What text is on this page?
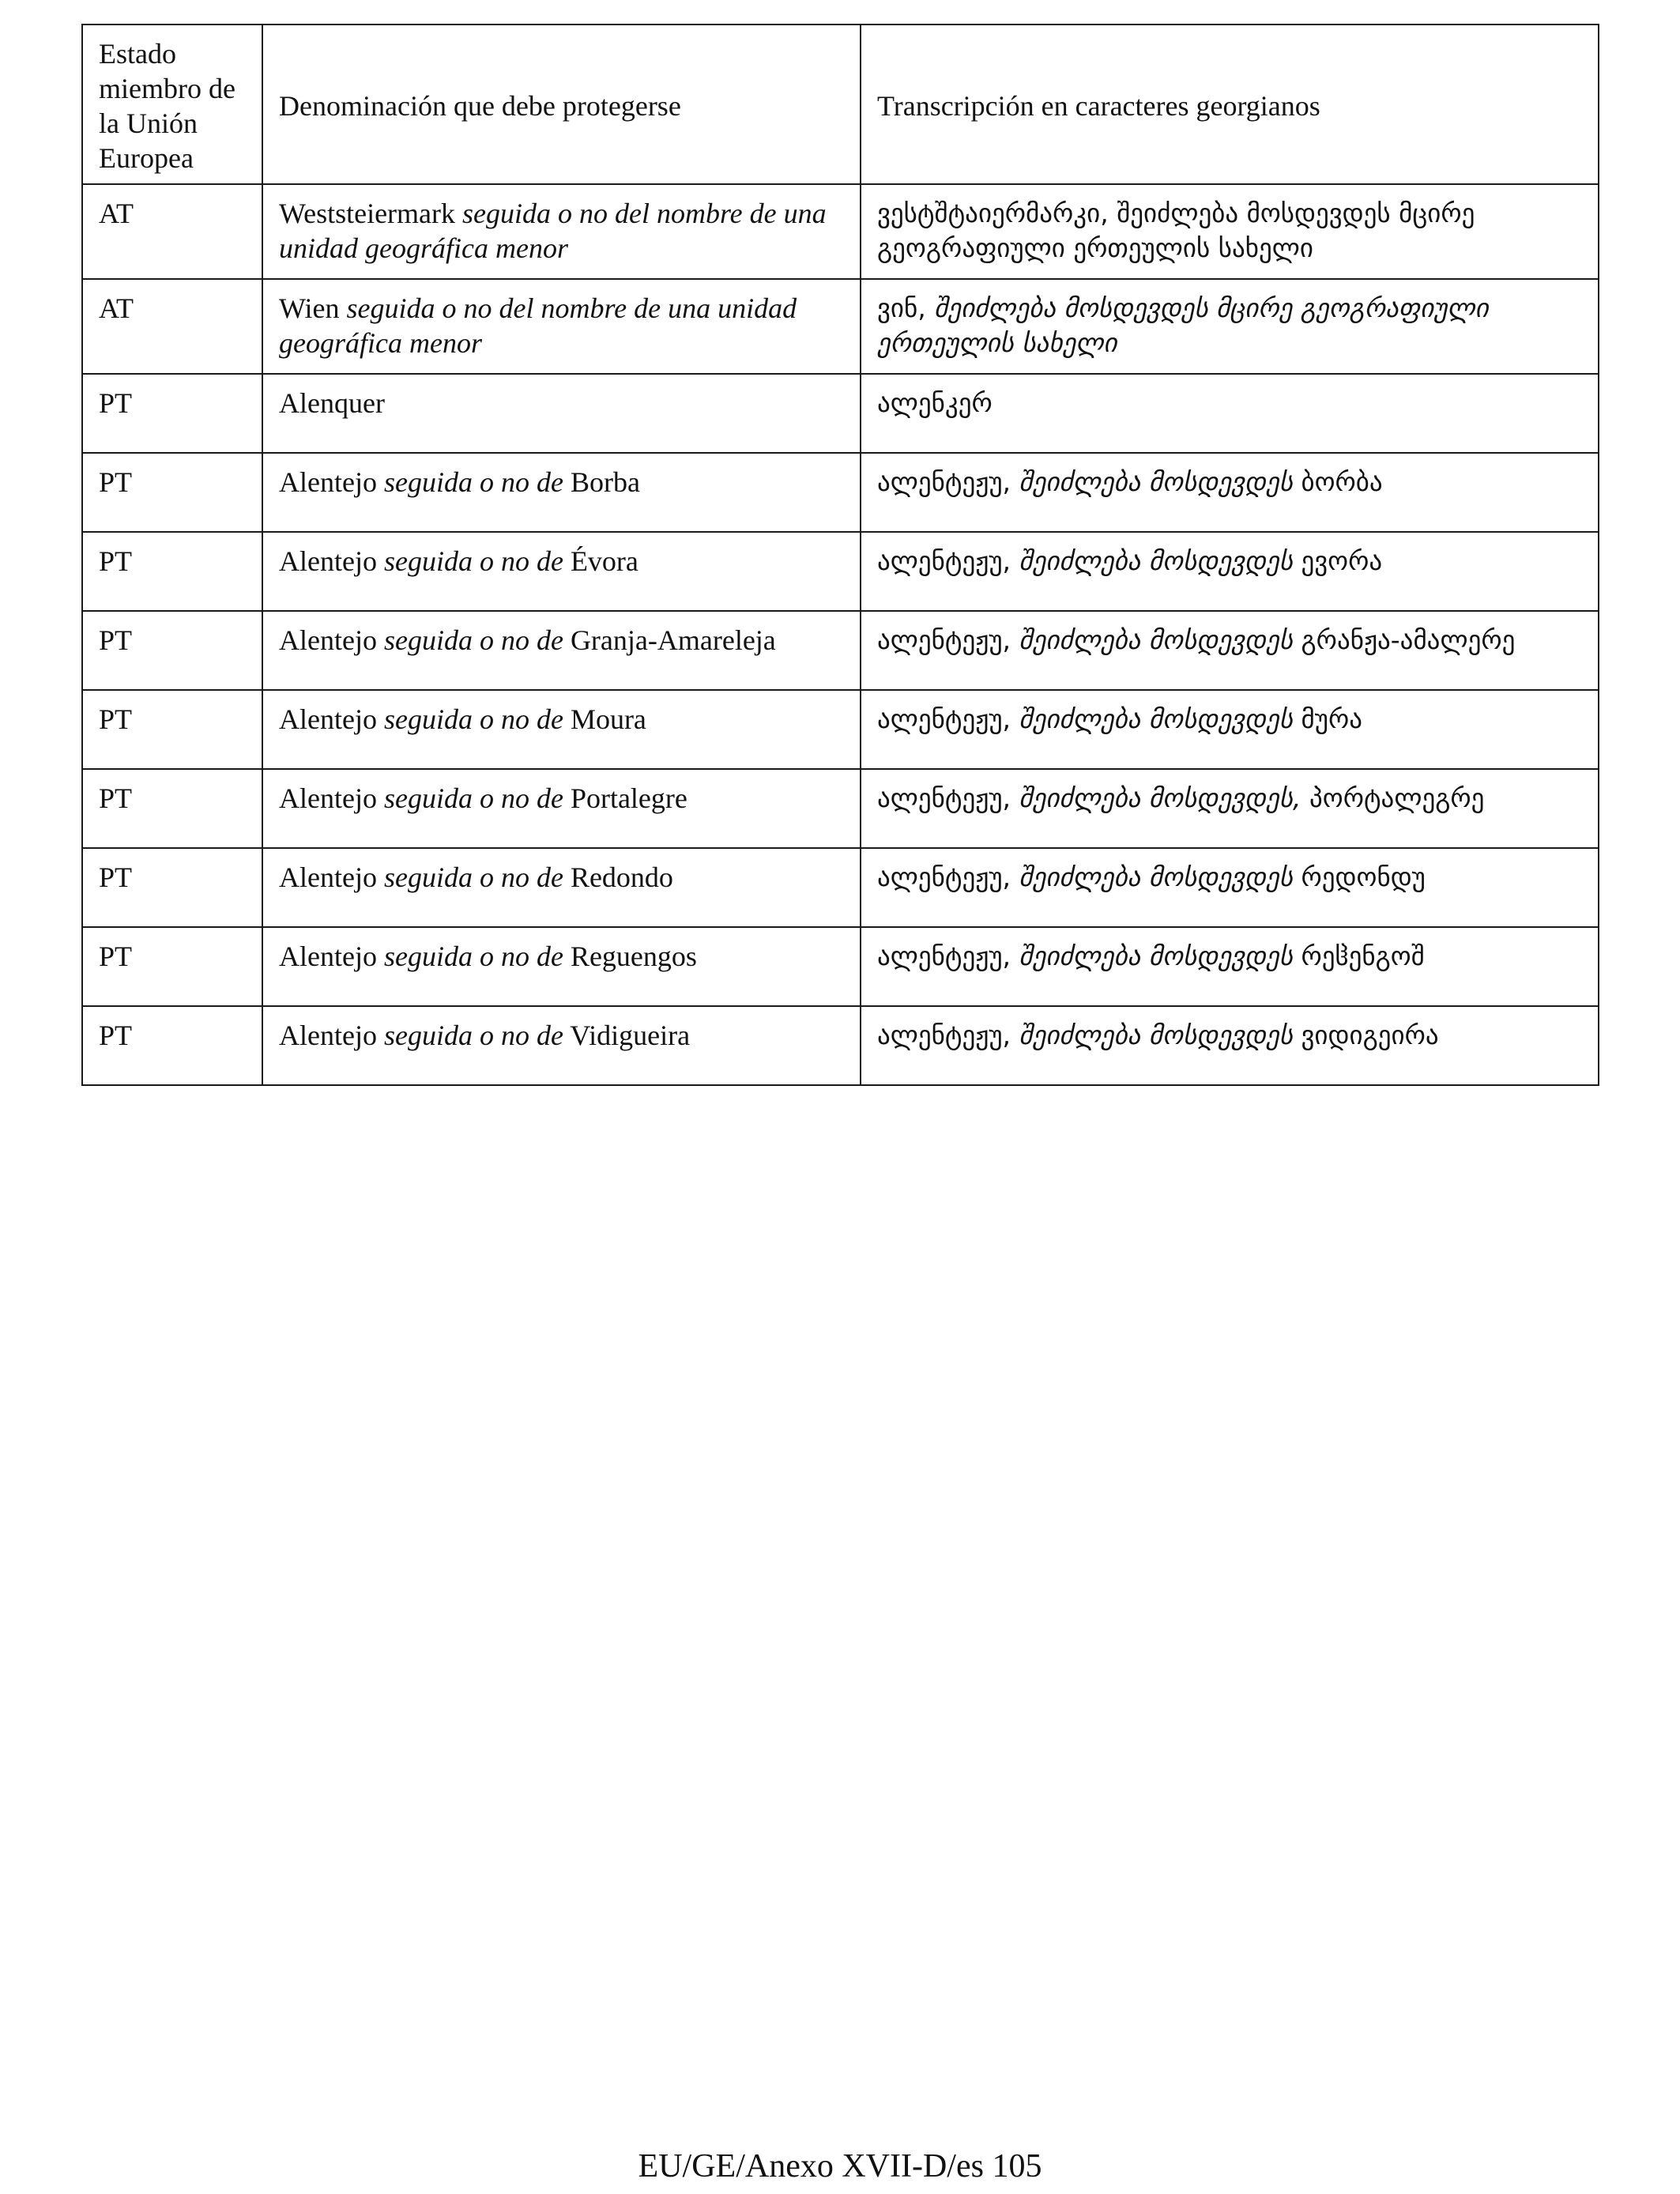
Estado miembro de la Unión Europea	Denominación que debe protegerse	Transcripción en caracteres georgianos
AT	Weststeiermark seguida o no del nombre de una unidad geográfica menor	ვესტშტაიერმარკი, შეიძლება მოსდევდეს მცირე გეოგრაფიული ერთეულის სახელი
AT	Wien seguida o no del nombre de una unidad geográfica menor	ვინ, შეიძლება მოსდევდეს მცირე გეოგრაფიული ერთეულის სახელი
PT	Alenquer	ალენკერ
PT	Alentejo seguida o no de Borba	ალენტეჟუ, შეიძლება მოსდევდეს ბორბა
PT	Alentejo seguida o no de Évora	ალენტეჟუ, შეიძლება მოსდევდეს ევორა
PT	Alentejo seguida o no de Granja-Amareleja	ალენტეჟუ, შეიძლება მოსდევდეს გრანჟა-ამალერე
PT	Alentejo seguida o no de Moura	ალენტეჟუ, შეიძლება მოსდევდეს მურა
PT	Alentejo seguida o no de Portalegre	ალენტეჟუ, შეიძლება მოსდევდეს, პორტალეგრე
PT	Alentejo seguida o no de Redondo	ალენტეჟუ, შეიძლება მოსდევდეს რედონდუ
PT	Alentejo seguida o no de Reguengos	ალენტეჟუ, შეიძლება მოსდევდეს რეჱენგოშ
PT	Alentejo seguida o no de Vidigueira	ალენტეჟუ, შეიძლება მოსდევდეს ვიდიგეირა
EU/GE/Anexo XVII-D/es 105
